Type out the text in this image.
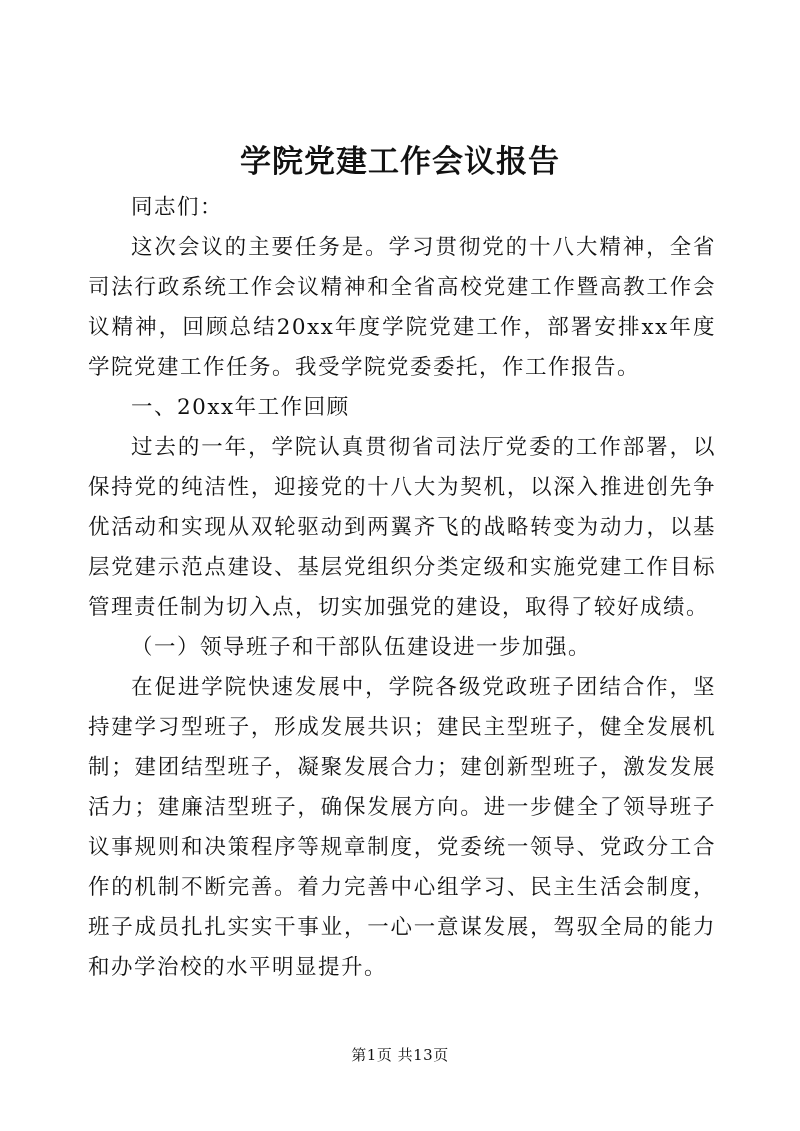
学院党建工作会议报告

同志们：

这次会议的主要任务是。学习贯彻党的十八大精神，全省司法行政系统工作会议精神和全省高校党建工作暨高教工作会议精神，回顾总结20xx年度学院党建工作，部署安排xx年度学院党建工作任务。我受学院党委委托，作工作报告。

一、20xx年工作回顾

过去的一年，学院认真贯彻省司法厅党委的工作部署，以保持党的纯洁性，迎接党的十八大为契机，以深入推进创先争优活动和实现从双轮驱动到两翼齐飞的战略转变为动力，以基层党建示范点建设、基层党组织分类定级和实施党建工作目标管理责任制为切入点，切实加强党的建设，取得了较好成绩。

（一）领导班子和干部队伍建设进一步加强。

在促进学院快速发展中，学院各级党政班子团结合作，坚持建学习型班子，形成发展共识；建民主型班子，健全发展机制；建团结型班子，凝聚发展合力；建创新型班子，激发发展活力；建廉洁型班子，确保发展方向。进一步健全了领导班子议事规则和决策程序等规章制度，党委统一领导、党政分工合作的机制不断完善。着力完善中心组学习、民主生活会制度，班子成员扎扎实实干事业，一心一意谋发展，驾驭全局的能力和办学治校的水平明显提升。

第1页 共13页
